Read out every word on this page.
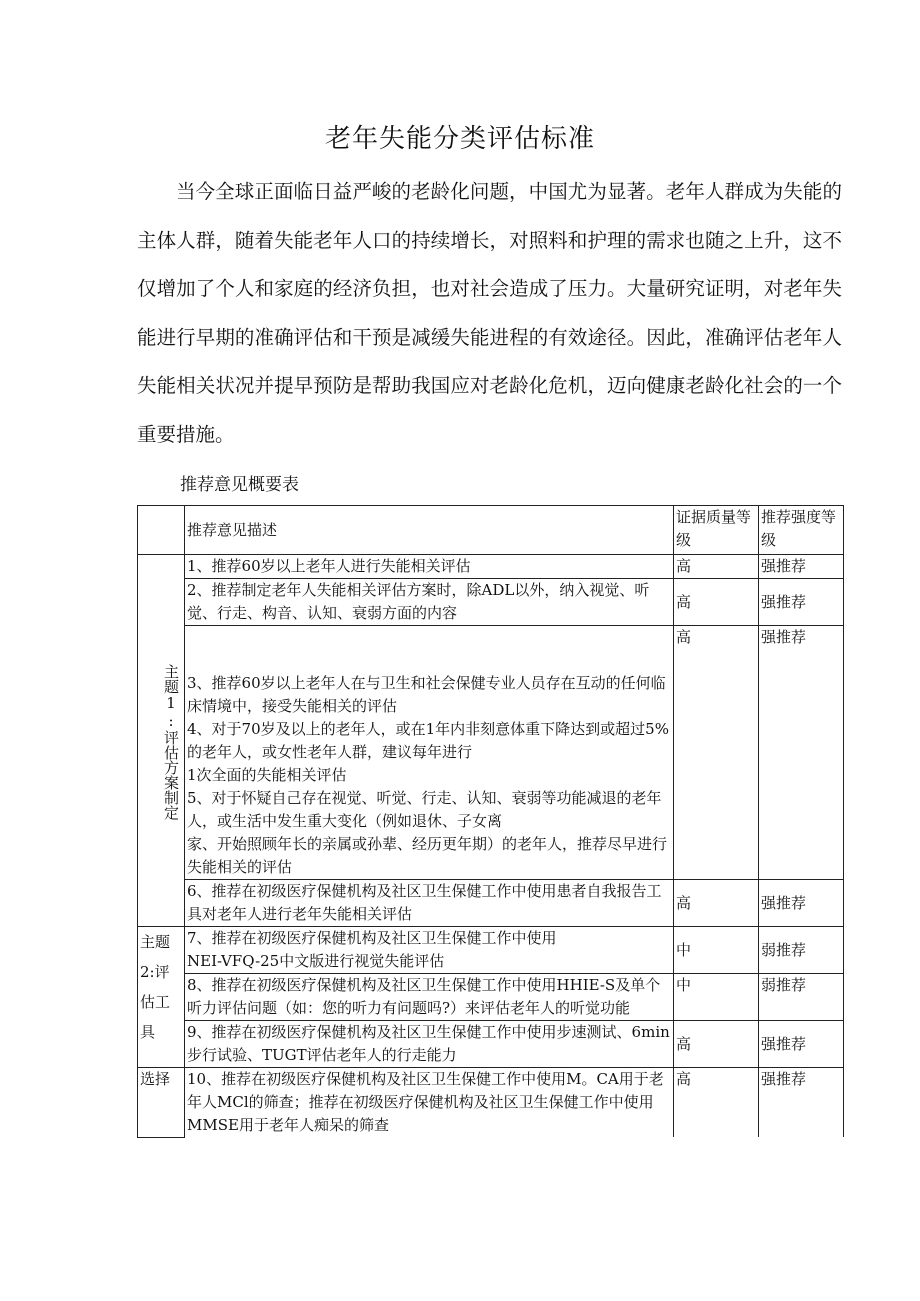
老年失能分类评估标准

当今全球正面临日益严峻的老龄化问题，中国尤为显著。老年人群成为失能的主体人群，随着失能老年人口的持续增长，对照料和护理的需求也随之上升，这不仅增加了个人和家庭的经济负担，也对社会造成了压力。大量研究证明，对老年失能进行早期的准确评估和干预是减缓失能进程的有效途径。因此，准确评估老年人失能相关状况并提早预防是帮助我国应对老龄化危机，迈向健康老龄化社会的一个重要措施。

推荐意见概要表
	推荐意见描述	证据质量等级	推荐强度等级
主题1:评估方案制定	1、推荐60岁以上老年人进行失能相关评估	高	强推荐
	2、推荐制定老年人失能相关评估方案时，除ADL以外，纳入视觉、听觉、行走、构音、认知、衰弱方面的内容	高	强推荐

	3、推荐60岁以上老年人在与卫生和社会保健专业人员存在互动的任何临床情境中，接受失能相关的评估
4、对于70岁及以上的老年人，或在1年内非刻意体重下降达到或超过5%的老年人，或女性老年人群，建议每年进行
1次全面的失能相关评估
5、对于怀疑自己存在视觉、听觉、行走、认知、衰弱等功能减退的老年人，或生活中发生重大变化（例如退休、子女离
家、开始照顾年长的亲属或孙辈、经历更年期）的老年人，推荐尽早进行失能相关的评估	高	强推荐
	6、推荐在初级医疗保健机构及社区卫生保健工作中使用患者自我报告工具对老年人进行老年失能相关评估	高	强推荐
主题2:评估工具	7、推荐在初级医疗保健机构及社区卫生保健工作中使用
NEI-VFQ-25中文版进行视觉失能评估	中	弱推荐
	8、推荐在初级医疗保健机构及社区卫生保健工作中使用HHIE-S及单个听力评估问题（如：您的听力有问题吗?）来评估老年人的听觉功能	中	弱推荐
	9、推荐在初级医疗保健机构及社区卫生保健工作中使用步速测试、6min步行试验、TUGT评估老年人的行走能力	高	强推荐
选择	10、推荐在初级医疗保健机构及社区卫生保健工作中使用M。CA用于老年人MCl的筛查；推荐在初级医疗保健机构及社区卫生保健工作中使用MMSE用于老年人痴呆的筛查	高	强推荐
